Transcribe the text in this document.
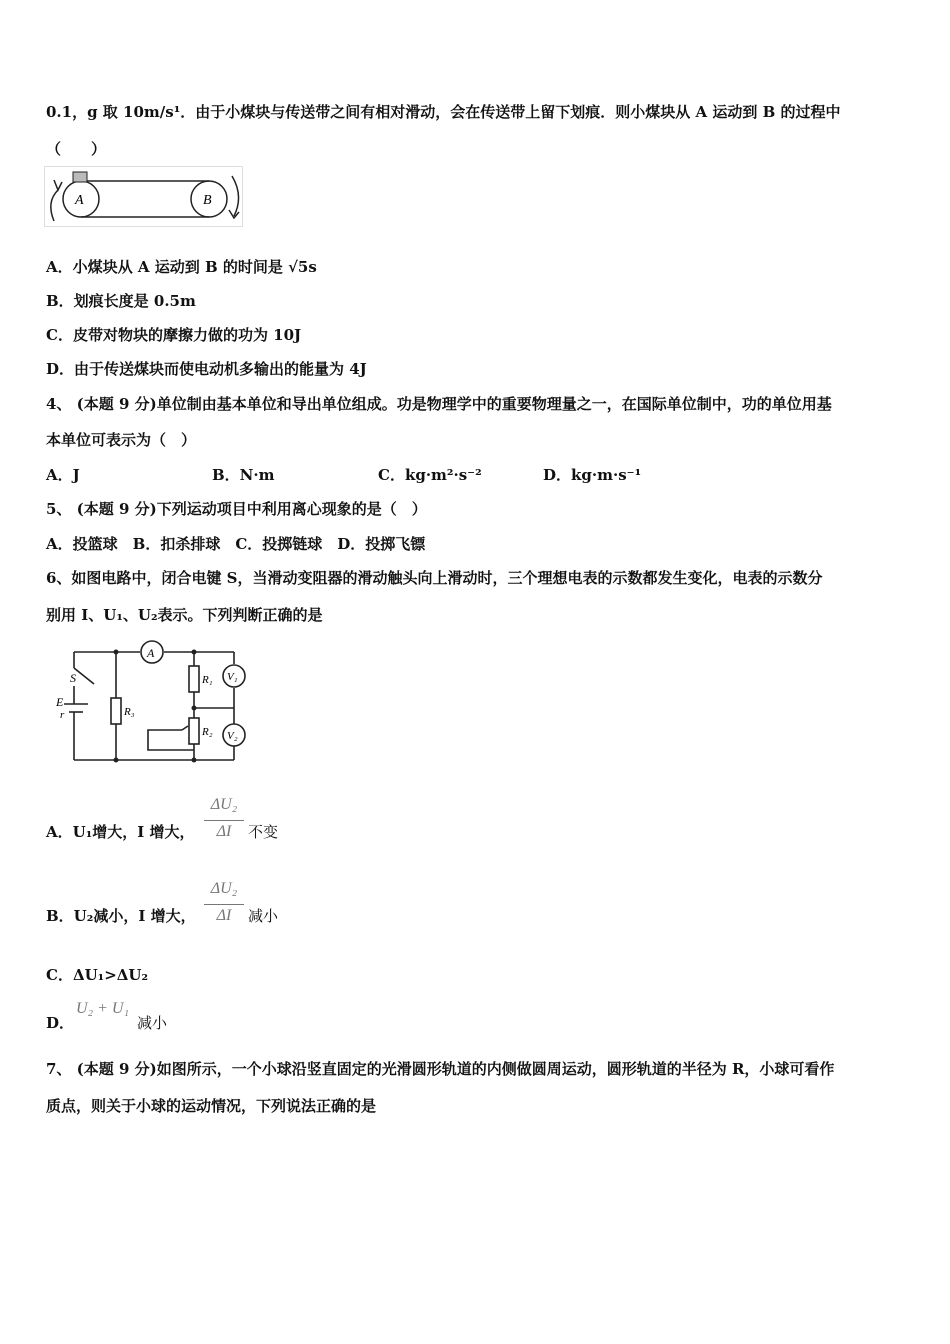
0.1，g 取 10m/s¹．由于小煤块与传送带之间有相对滑动，会在传送带上留下划痕．则小煤块从 A 运动到 B 的过程中
（　　）
A	B
A．小煤块从 A 运动到 B 的时间是 √5s
B．划痕长度是 0.5m
C．皮带对物块的摩擦力做的功为 10J
D．由于传送煤块而使电动机多输出的能量为 4J
4、 (本题 9 分)单位制由基本单位和导出单位组成。功是物理学中的重要物理量之一，在国际单位制中，功的单位用基
本单位可表示为（　）
A．J	B．N·m	C．kg·m²·s⁻²	D．kg·m·s⁻¹
5、 (本题 9 分)下列运动项目中利用离心现象的是（　）
A．投篮球　B．扣杀排球　C．投掷链球　D．投掷飞镖
6、如图电路中，闭合电键 S，当滑动变阻器的滑动触头向上滑动时，三个理想电表的示数都发生变化，电表的示数分
别用 I、U₁、U₂表示。下列判断正确的是
A
S
E
r	R₃
R₁
R₂
V₁
V₂
A．U₁增大，I 增大，
ΔU₂
ΔI	不变
B．U₂减小，I 增大，
ΔU₂
ΔI	减小
C．ΔU₁>ΔU₂
D．
U₂ + U₁
减小
7、 (本题 9 分)如图所示，一个小球沿竖直固定的光滑圆形轨道的内侧做圆周运动，圆形轨道的半径为 R，小球可看作
质点，则关于小球的运动情况，下列说法正确的是
